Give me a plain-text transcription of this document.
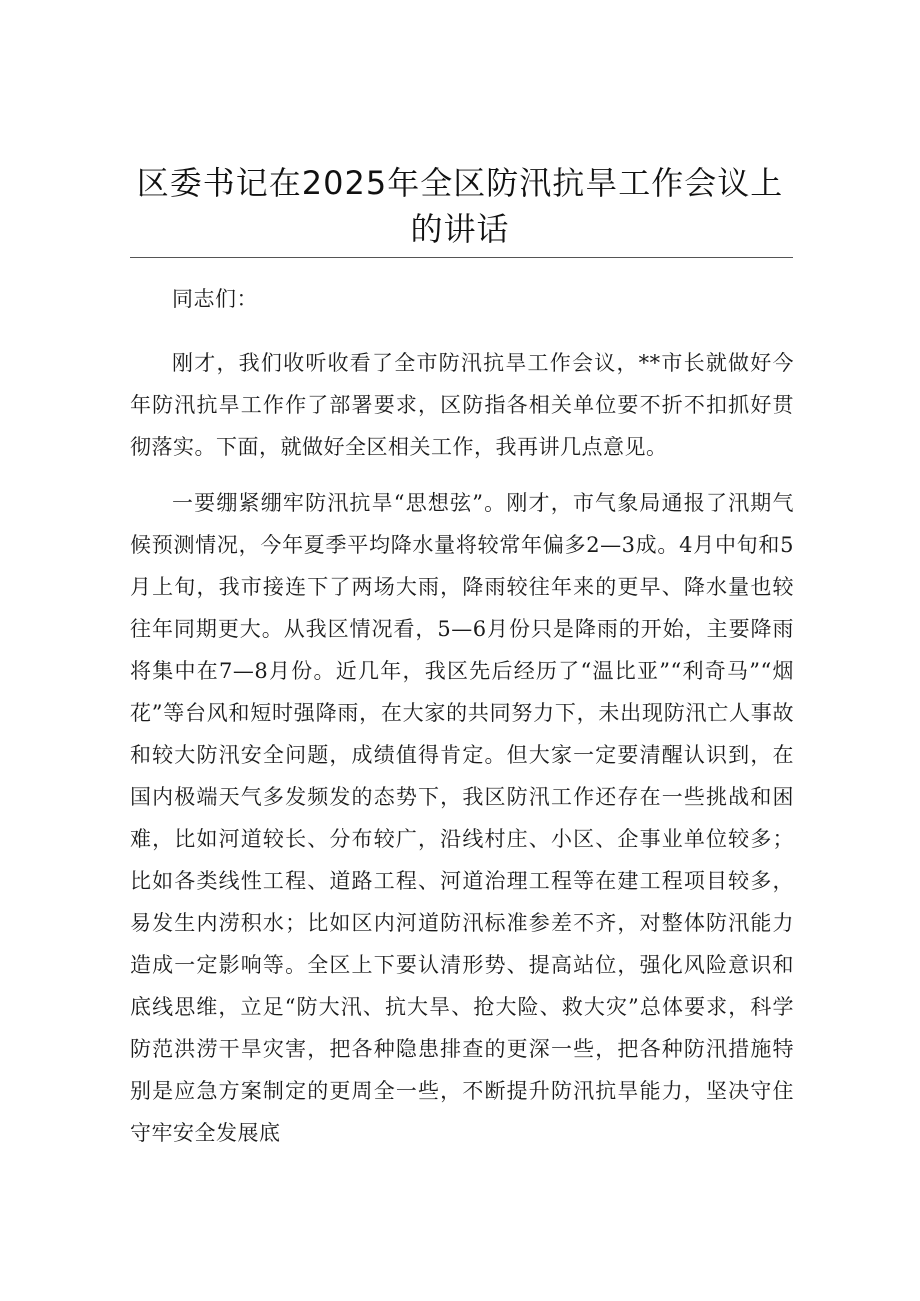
区委书记在2025年全区防汛抗旱工作会议上
的讲话

同志们：

刚才，我们收听收看了全市防汛抗旱工作会议，**市长就做好今年防汛抗旱工作作了部署要求，区防指各相关单位要不折不扣抓好贯彻落实。下面，就做好全区相关工作，我再讲几点意见。

一要绷紧绷牢防汛抗旱“思想弦”。刚才，市气象局通报了汛期气候预测情况，今年夏季平均降水量将较常年偏多2—3成。4月中旬和5月上旬，我市接连下了两场大雨，降雨较往年来的更早、降水量也较往年同期更大。从我区情况看，5—6月份只是降雨的开始，主要降雨将集中在7—8月份。近几年，我区先后经历了“温比亚”“利奇马”“烟花”等台风和短时强降雨，在大家的共同努力下，未出现防汛亡人事故和较大防汛安全问题，成绩值得肯定。但大家一定要清醒认识到，在国内极端天气多发频发的态势下，我区防汛工作还存在一些挑战和困难，比如河道较长、分布较广，沿线村庄、小区、企事业单位较多；比如各类线性工程、道路工程、河道治理工程等在建工程项目较多，易发生内涝积水；比如区内河道防汛标准参差不齐，对整体防汛能力造成一定影响等。全区上下要认清形势、提高站位，强化风险意识和底线思维，立足“防大汛、抗大旱、抢大险、救大灾”总体要求，科学防范洪涝干旱灾害，把各种隐患排查的更深一些，把各种防汛措施特别是应急方案制定的更周全一些，不断提升防汛抗旱能力，坚决守住守牢安全发展底
